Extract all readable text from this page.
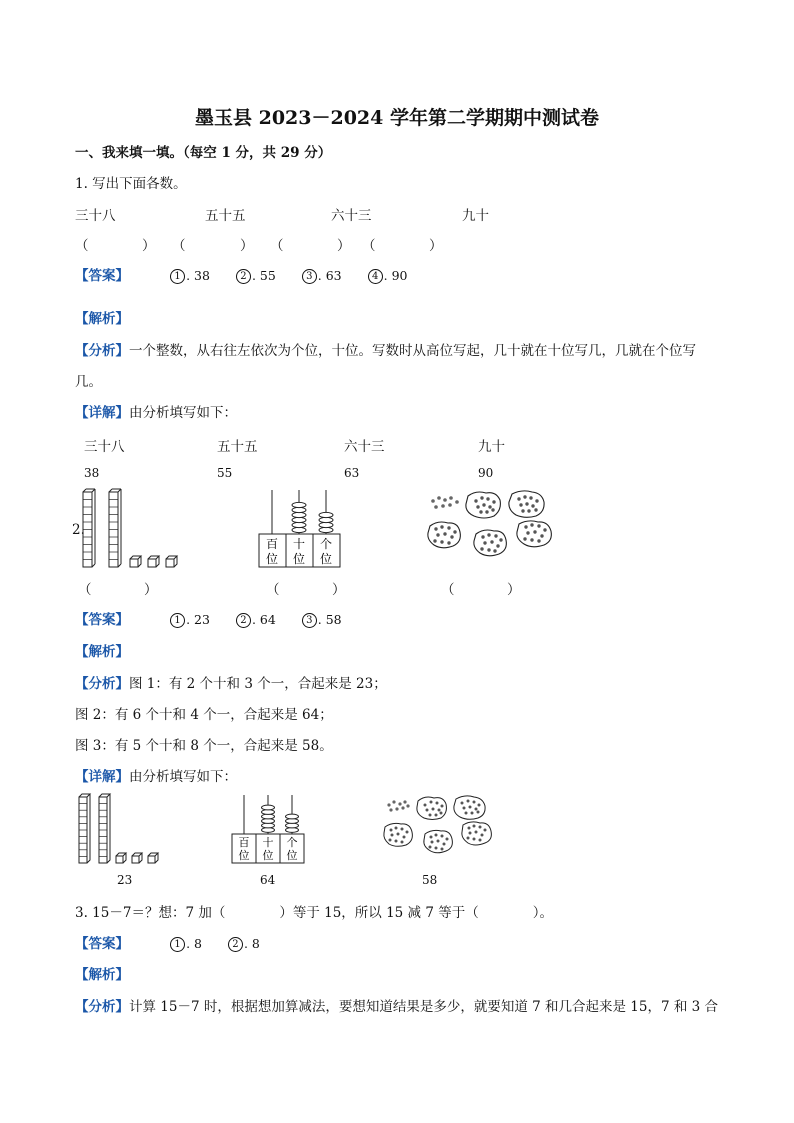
墨玉县 2023－2024 学年第二学期期中测试卷
一、我来填一填。（每空 1 分，共 29 分）
1. 写出下面各数。
三十八	五十五	六十三	九十
（	） （	） （	） （	）
【答案】	1 . 38	2 . 55	3 . 63	4 . 90
【解析】
【分析】一个整数，从右往左依次为个位，十位。写数时从高位写起，几十就在十位写几，几就在个位写
几。
【详解】由分析填写如下：
三十八	五十五	六十三	九十
38	55	63	90
2.
百
位
十
位
个
位
（	）	（	）	（	）
【答案】	1 . 23	2 . 64	3 . 58
【解析】
【分析】图 1：有 2 个十和 3 个一，合起来是 23；
图 2：有 6 个十和 4 个一，合起来是 64；
图 3：有 5 个十和 8 个一，合起来是 58。
【详解】由分析填写如下：
百
位
十
位
个
位
23	64	58
3. 15－7＝？想：7 加（　　　　）等于 15，所以 15 减 7 等于（　　　　）。
【答案】	1 . 8	2 . 8
【解析】
【分析】计算 15－7 时，根据想加算减法，要想知道结果是多少，就要知道 7 和几合起来是 15，7 和 3 合
